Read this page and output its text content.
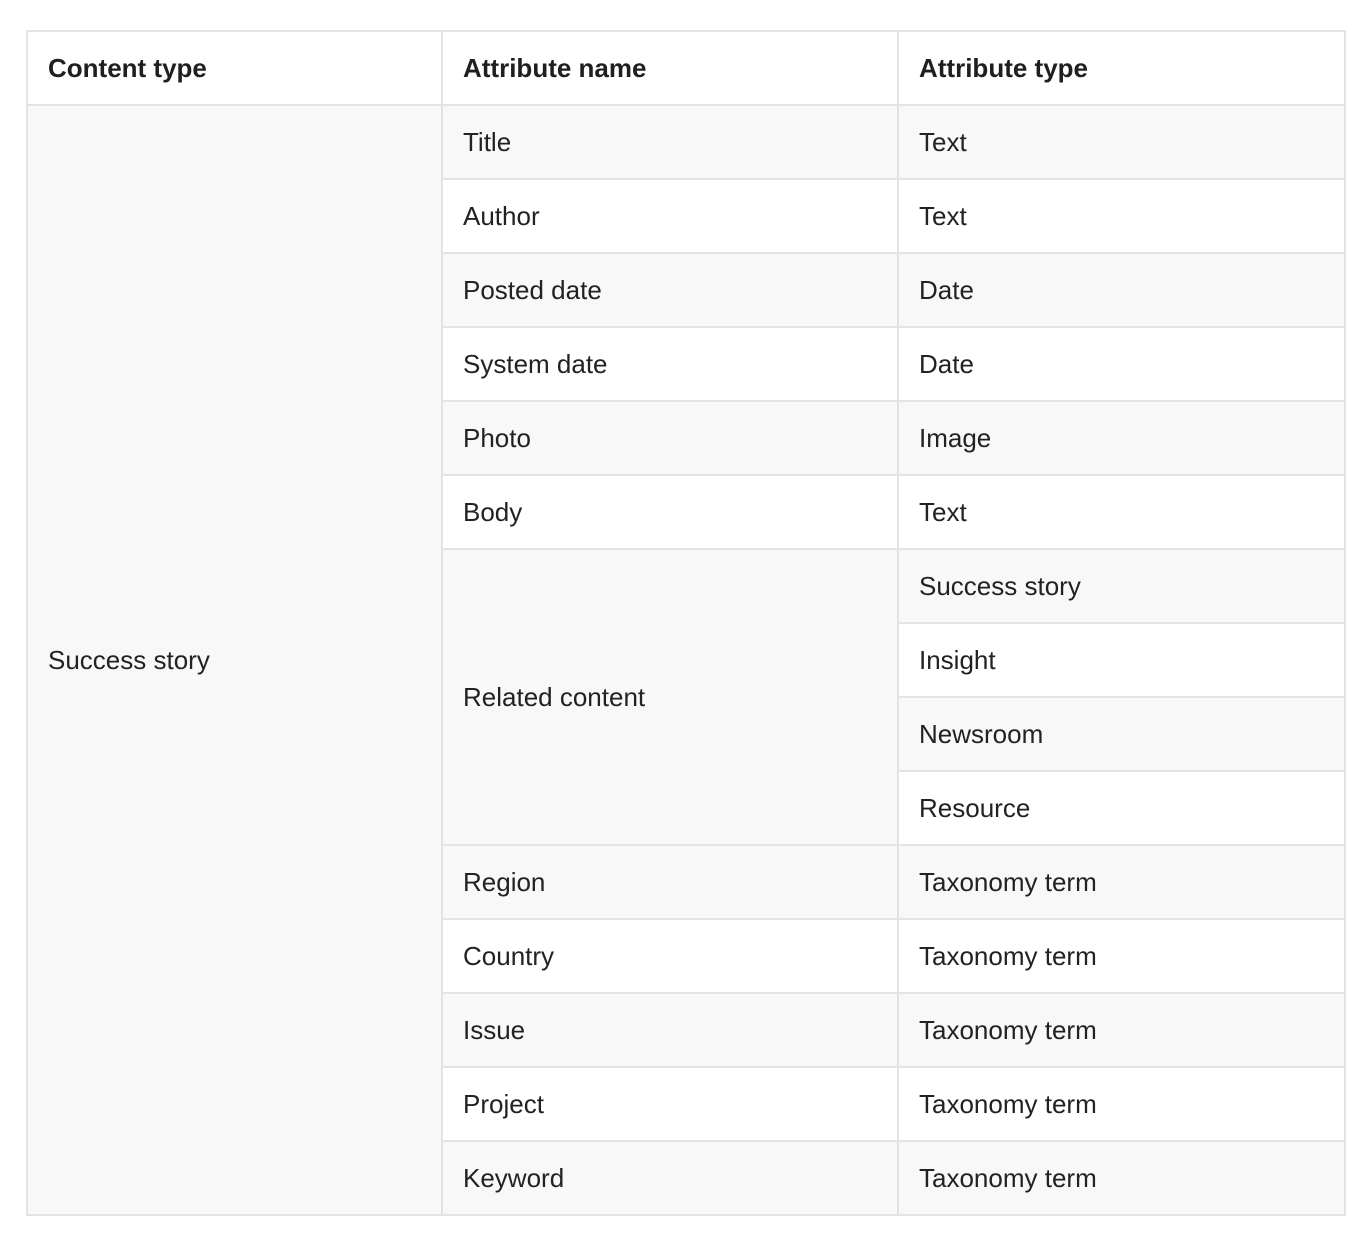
Content type	Attribute name	Attribute type
Success story	Title	Text
	Author	Text
	Posted date	Date
	System date	Date
	Photo	Image
	Body	Text
	Related content	Success story
		Insight
		Newsroom
		Resource
	Region	Taxonomy term
	Country	Taxonomy term
	Issue	Taxonomy term
	Project	Taxonomy term
	Keyword	Taxonomy term
